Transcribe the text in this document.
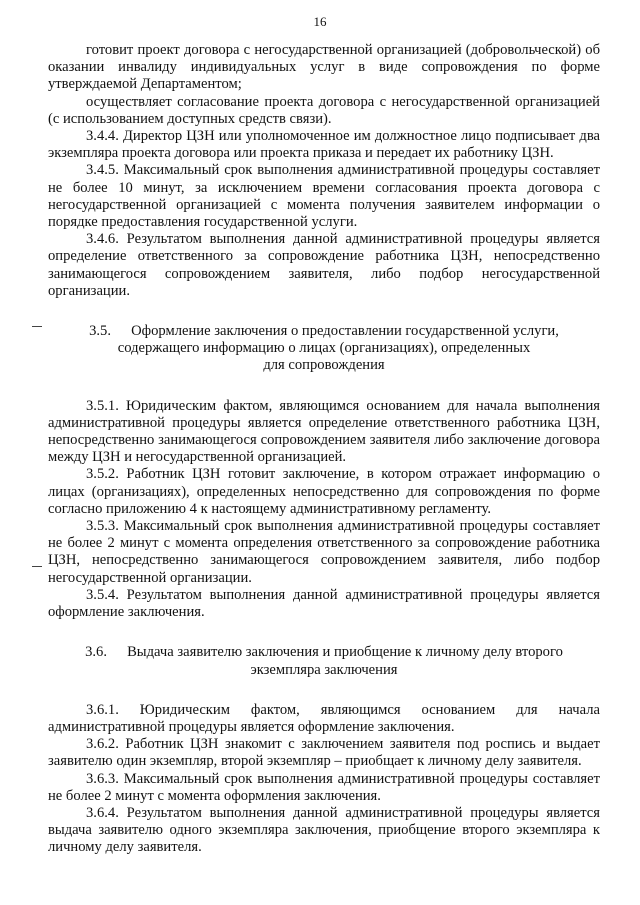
16

готовит проект договора с негосударственной организацией (добровольческой) об оказании инвалиду индивидуальных услуг в виде сопровождения по форме утверждаемой Департаментом;

осуществляет согласование проекта договора с негосударственной организацией (с использованием доступных средств связи).

3.4.4. Директор ЦЗН или уполномоченное им должностное лицо подписывает два экземпляра проекта договора или проекта приказа и передает их работнику ЦЗН.

3.4.5. Максимальный срок выполнения административной процедуры составляет не более 10 минут, за исключением времени согласования проекта договора с негосударственной организацией с момента получения заявителем информации о порядке предоставления государственной услуги.

3.4.6. Результатом выполнения данной административной процедуры является определение ответственного за сопровождение работника ЦЗН, непосредственно занимающегося сопровождением заявителя, либо подбор негосударственной организации.

3.5. Оформление заключения о предоставлении государственной услуги,
содержащего информацию о лицах (организациях), определенных
для сопровождения

3.5.1. Юридическим фактом, являющимся основанием для начала выполнения административной процедуры является определение ответственного работника ЦЗН, непосредственно занимающегося сопровождением заявителя либо заключение договора между ЦЗН и негосударственной организацией.

3.5.2. Работник ЦЗН готовит заключение, в котором отражает информацию о лицах (организациях), определенных непосредственно для сопровождения по форме согласно приложению 4 к настоящему административному регламенту.

3.5.3. Максимальный срок выполнения административной процедуры составляет не более 2 минут с момента определения ответственного за сопровождение работника ЦЗН, непосредственно занимающегося сопровождением заявителя, либо подбор негосударственной организации.

3.5.4. Результатом выполнения данной административной процедуры является оформление заключения.

3.6. Выдача заявителю заключения и приобщение к личному делу второго
экземпляра заключения

3.6.1. Юридическим фактом, являющимся основанием для начала административной процедуры является оформление заключения.

3.6.2. Работник ЦЗН знакомит с заключением заявителя под роспись и выдает заявителю один экземпляр, второй экземпляр – приобщает к личному делу заявителя.

3.6.3. Максимальный срок выполнения административной процедуры составляет не более 2 минут с момента оформления заключения.

3.6.4. Результатом выполнения данной административной процедуры является выдача заявителю одного экземпляра заключения, приобщение второго экземпляра к личному делу заявителя.
